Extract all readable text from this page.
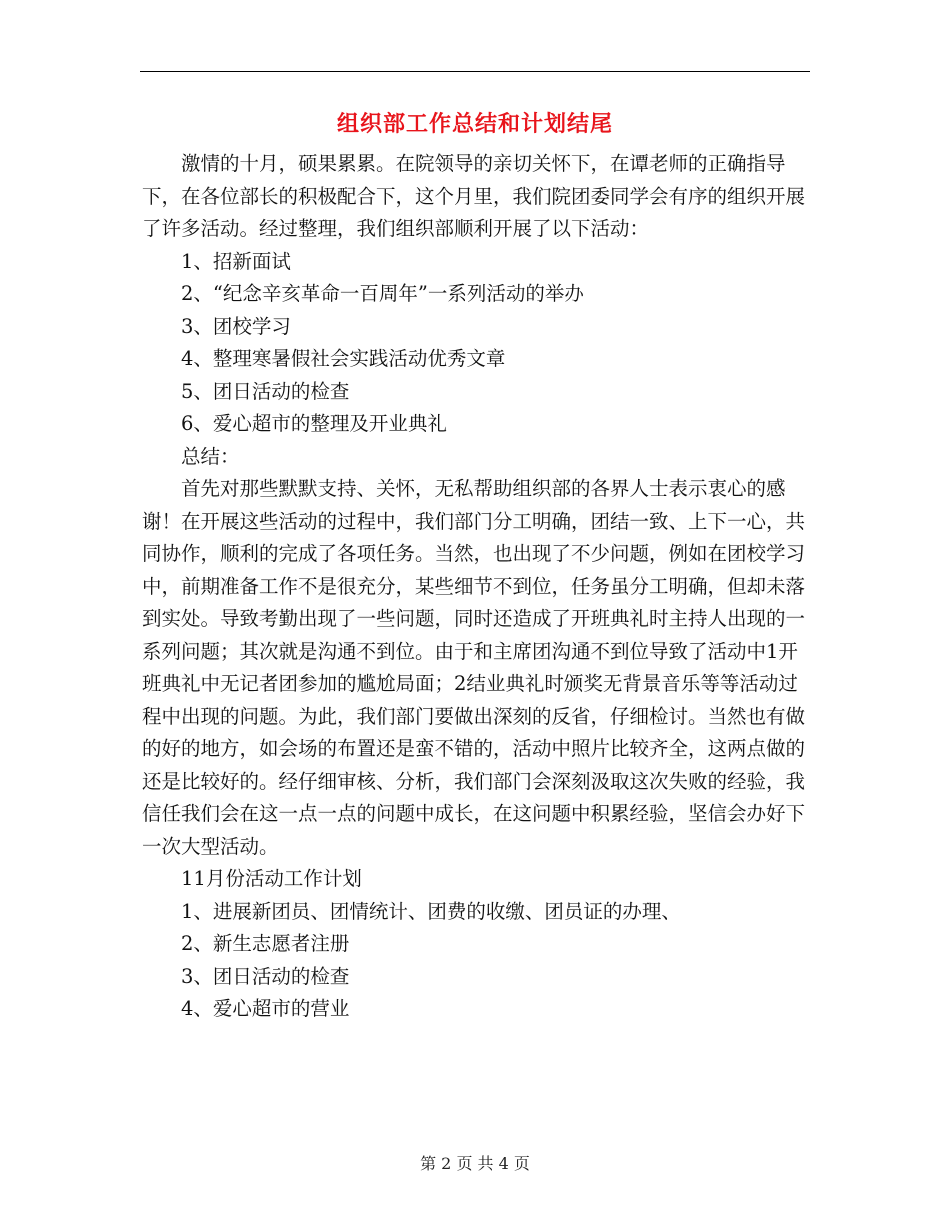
组织部工作总结和计划结尾

激情的十月，硕果累累。在院领导的亲切关怀下，在谭老师的正确指导下，在各位部长的积极配合下，这个月里，我们院团委同学会有序的组织开展了许多活动。经过整理，我们组织部顺利开展了以下活动：

1、招新面试

2、“纪念辛亥革命一百周年”一系列活动的举办

3、团校学习

4、整理寒暑假社会实践活动优秀文章

5、团日活动的检查

6、爱心超市的整理及开业典礼

总结：

首先对那些默默支持、关怀，无私帮助组织部的各界人士表示衷心的感谢！在开展这些活动的过程中，我们部门分工明确，团结一致、上下一心，共同协作，顺利的完成了各项任务。当然，也出现了不少问题，例如在团校学习中，前期准备工作不是很充分，某些细节不到位，任务虽分工明确，但却未落到实处。导致考勤出现了一些问题，同时还造成了开班典礼时主持人出现的一系列问题；其次就是沟通不到位。由于和主席团沟通不到位导致了活动中1开班典礼中无记者团参加的尴尬局面；2结业典礼时颁奖无背景音乐等等活动过程中出现的问题。为此，我们部门要做出深刻的反省，仔细检讨。当然也有做的好的地方，如会场的布置还是蛮不错的，活动中照片比较齐全，这两点做的还是比较好的。经仔细审核、分析，我们部门会深刻汲取这次失败的经验，我信任我们会在这一点一点的问题中成长，在这问题中积累经验，坚信会办好下一次大型活动。

11月份活动工作计划

1、进展新团员、团情统计、团费的收缴、团员证的办理、

2、新生志愿者注册

3、团日活动的检查

4、爱心超市的营业

第 2 页 共 4 页
